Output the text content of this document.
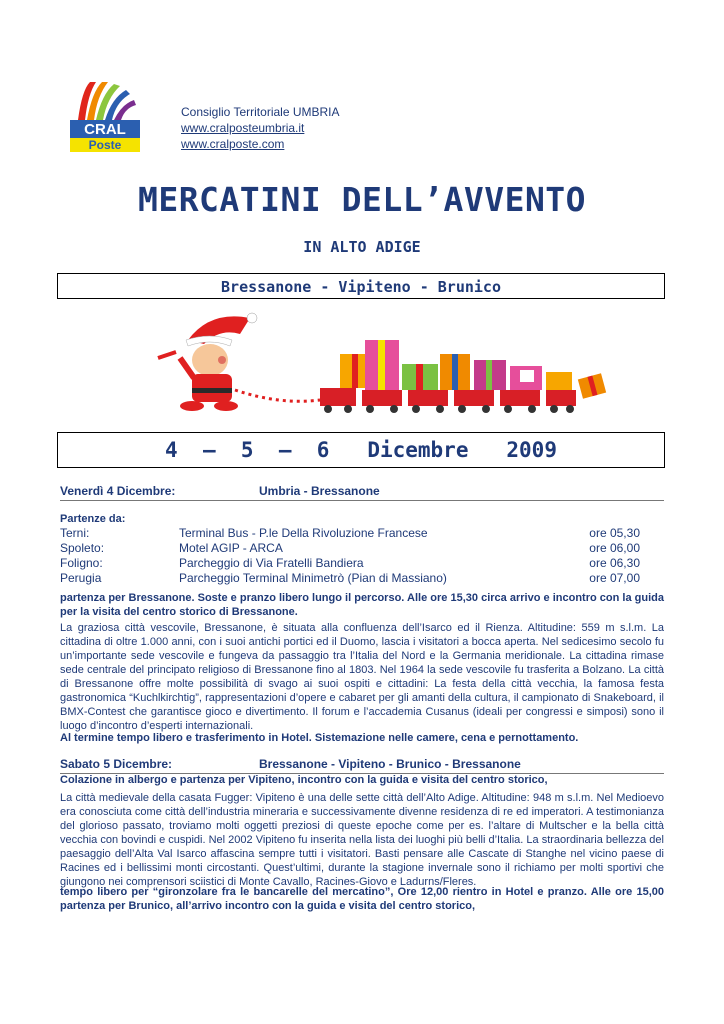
CRAL
Poste
Consiglio Territoriale UMBRIA
www.cralposteumbria.it
www.cralposte.com
MERCATINI DELL’AVVENTO
IN ALTO ADIGE
Bressanone - Vipiteno - Brunico
4  –  5  –  6   Dicembre   2009
Venerdì 4 Dicembre:	Umbria - Bressanone
Partenze da:
Terni:	Terminal Bus - P.le Della Rivoluzione Francese	ore 05,30
Spoleto:	Motel AGIP - ARCA	ore 06,00
Foligno:	Parcheggio di Via Fratelli Bandiera	ore 06,30
Perugia	Parcheggio Terminal Minimetrò (Pian di Massiano)	ore 07,00
partenza per Bressanone. Soste e pranzo libero lungo il percorso. Alle ore 15,30 circa arrivo e incontro con la guida per la visita del centro storico di Bressanone.
La graziosa città vescovile, Bressanone, è situata alla confluenza dell’Isarco ed il Rienza. Altitudine: 559 m s.l.m. La cittadina di oltre 1.000 anni, con i suoi antichi portici ed il Duomo, lascia i visitatori a bocca aperta. Nel sedicesimo secolo fu un’importante sede vescovile e fungeva da passaggio tra l’Italia del Nord e la Germania meridionale. La cittadina rimase sede centrale del principato religioso di Bressanone fino al 1803. Nel 1964 la sede vescovile fu trasferita a Bolzano. La città di Bressanone offre molte possibilità di svago ai suoi ospiti e cittadini: La festa della città vecchia, la famosa festa gastronomica “Kuchlkirchtig”, rappresentazioni d’opere e cabaret per gli amanti della cultura, il campionato di Snakeboard, il BMX-Contest che garantisce gioco e divertimento. Il forum e l’accademia Cusanus (ideali per congressi e simposi) sono il luogo d’incontro d’esperti internazionali.
Al termine tempo libero e trasferimento in Hotel. Sistemazione nelle camere, cena e pernottamento.
Sabato 5 Dicembre:	Bressanone - Vipiteno - Brunico - Bressanone
Colazione in albergo e partenza per Vipiteno, incontro con la guida e visita del centro storico,
La città medievale della casata Fugger: Vipiteno è una delle sette città dell’Alto Adige. Altitudine: 948 m s.l.m. Nel Medioevo era conosciuta come città dell’industria mineraria e successivamente divenne residenza di re ed imperatori. A testimonianza del glorioso passato, troviamo molti oggetti preziosi di queste epoche come per es. l’altare di Multscher e la bella città vecchia con bovindi e cuspidi. Nel 2002 Vipiteno fu inserita nella lista dei luoghi più belli d’Italia. La straordinaria bellezza del paesaggio dell’Alta Val Isarco affascina sempre tutti i visitatori. Basti pensare alle Cascate di Stanghe nel vicino paese di Racines ed i bellissimi monti circostanti. Quest’ultimi, durante la stagione invernale sono il richiamo per molti sportivi che giungono nei comprensori sciistici di Monte Cavallo, Racines-Giovo e Ladurns/Fleres.
tempo libero per “gironzolare fra le bancarelle del mercatino”, Ore 12,00 rientro in Hotel e pranzo. Alle ore 15,00 partenza per Brunico, all’arrivo incontro con la guida e visita del centro storico,
